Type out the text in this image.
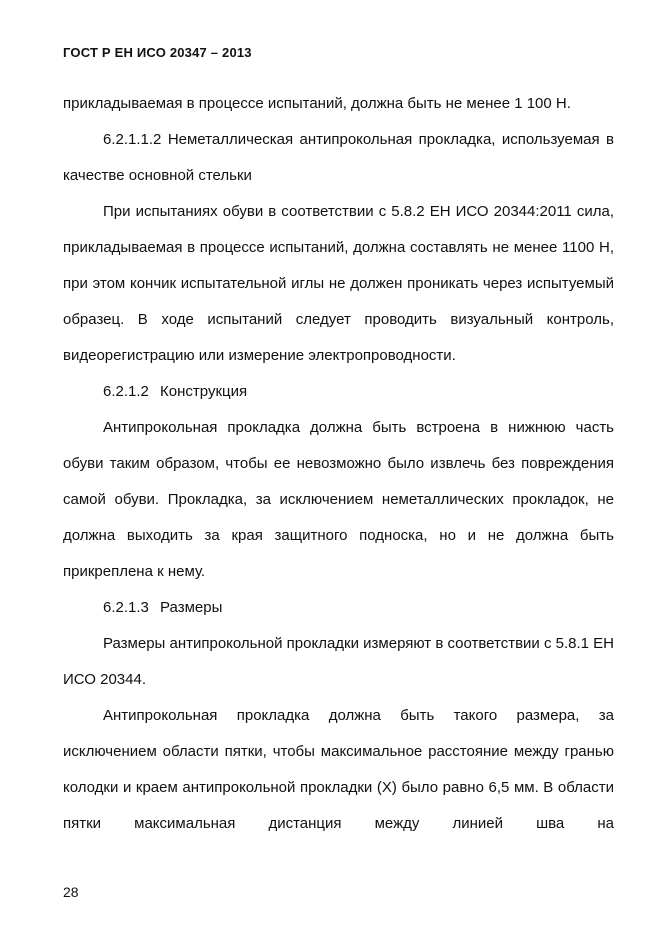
ГОСТ Р ЕН ИСО 20347 – 2013

прикладываемая в процессе испытаний, должна быть не менее 1 100 Н.

6.2.1.1.2 Неметаллическая антипрокольная прокладка, используемая в качестве основной стельки

При испытаниях обуви в соответствии с 5.8.2 ЕН ИСО 20344:2011 сила, прикладываемая в процессе испытаний, должна составлять не менее 1100 Н, при этом кончик испытательной иглы не должен проникать через испытуемый образец. В ходе испытаний следует проводить визуальный контроль, видеорегистрацию или измерение электропроводности.

6.2.1.2 Конструкция

Антипрокольная прокладка должна быть встроена в нижнюю часть обуви таким образом, чтобы ее невозможно было извлечь без повреждения самой обуви. Прокладка, за исключением неметаллических прокладок, не должна выходить за края защитного подноска, но и не должна быть прикреплена к нему.

6.2.1.3 Размеры

Размеры антипрокольной прокладки измеряют в соответствии с 5.8.1 ЕН ИСО 20344.

Антипрокольная прокладка должна быть такого размера, за исключением области пятки, чтобы максимальное расстояние между гранью колодки и краем антипрокольной прокладки (Х) было равно 6,5 мм. В области пятки максимальная дистанция между линией шва на

28
